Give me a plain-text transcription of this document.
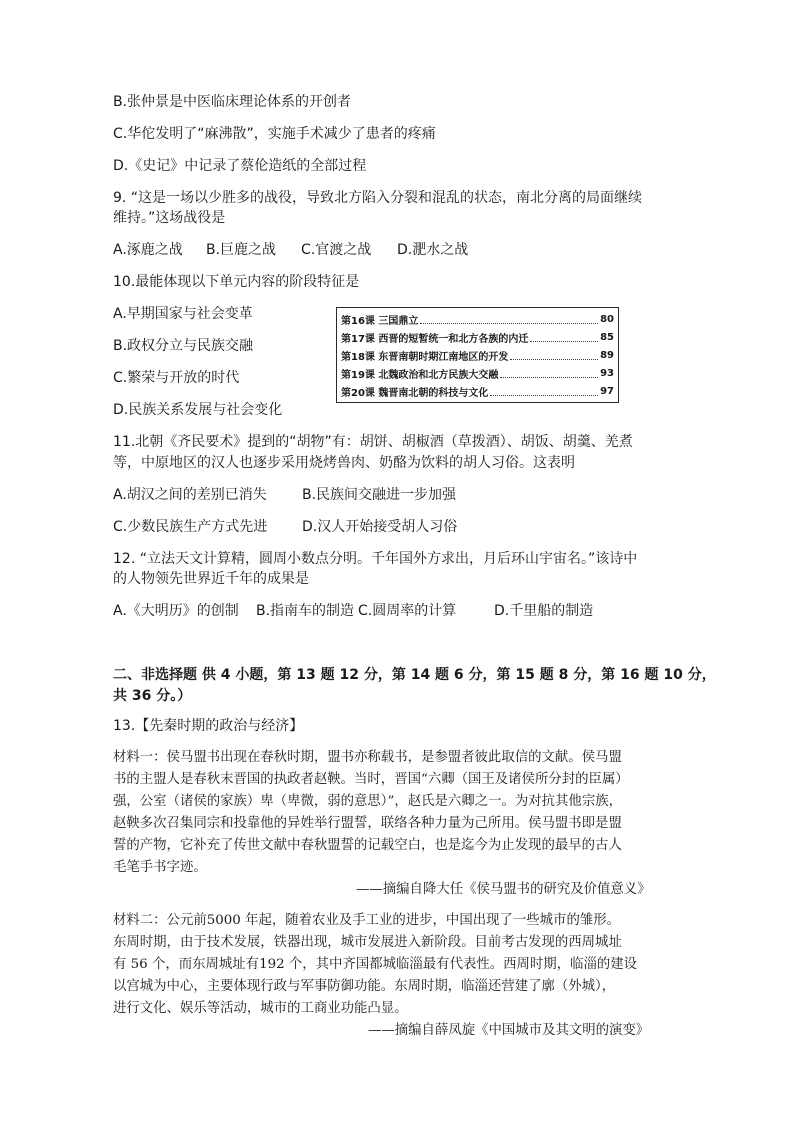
B.张仲景是中医临床理论体系的开创者
C.华佗发明了“麻沸散”，实施手术减少了患者的疼痛
D.《史记》中记录了蔡伦造纸的全部过程
9. “这是一场以少胜多的战役，导致北方陷入分裂和混乱的状态，南北分离的局面继续
维持。”这场战役是
A.涿鹿之战 B.巨鹿之战 C.官渡之战 D.淝水之战
10.最能体现以下单元内容的阶段特征是
A.早期国家与社会变革
B.政权分立与民族交融
C.繁荣与开放的时代
D.民族关系发展与社会变化
第16课 三国鼎立	80
第17课 西晋的短暂统一和北方各族的内迁	85
第18课 东晋南朝时期江南地区的开发	89
第19课 北魏政治和北方民族大交融	93
第20课 魏晋南北朝的科技与文化	97
11.北朝《齐民要术》提到的“胡物”有：胡饼、胡椒酒（草拨酒）、胡饭、胡羹、羌煮
等，中原地区的汉人也逐步采用烧烤兽肉、奶酪为饮料的胡人习俗。这表明
A.胡汉之间的差别已消失	B.民族间交融进一步加强
C.少数民族生产方式先进 D.汉人开始接受胡人习俗
12. “立法天文计算精，圆周小数点分明。千年国外方求出，月后环山宇宙名。”该诗中
的人物领先世界近千年的成果是
A.《大明历》的创制 B.指南车的制造 C.圆周率的计算	D.千里船的制造
二、非选择题 供 4 小题，第 13 题 12 分，第 14 题 6 分，第 15 题 8 分，第 16 题 10 分，
共 36 分。）
13.【先秦时期的政治与经济】
材料一：侯马盟书出现在春秋时期，盟书亦称载书，是参盟者彼此取信的文献。侯马盟
书的主盟人是春秋末晋国的执政者赵鞅。当时，晋国“六卿（国王及诸侯所分封的臣属）
强，公室（诸侯的家族）卑（卑微，弱的意思）”，赵氏是六卿之一。为对抗其他宗族，
赵鞅多次召集同宗和投靠他的异姓举行盟誓，联络各种力量为己所用。侯马盟书即是盟
誓的产物，它补充了传世文献中春秋盟誓的记载空白，也是迄今为止发现的最早的古人
毛笔手书字迹。
——摘编自降大任《侯马盟书的研究及价值意义》
材料二：公元前5000 年起，随着农业及手工业的进步，中国出现了一些城市的雏形。
东周时期，由于技术发展，铁器出现，城市发展进入新阶段。目前考古发现的西周城址
有 56 个，而东周城址有192 个，其中齐国都城临淄最有代表性。西周时期，临淄的建设
以宫城为中心，主要体现行政与军事防御功能。东周时期，临淄还营建了廓（外城），
进行文化、娱乐等活动，城市的工商业功能凸显。
——摘编自薛凤旋《中国城市及其文明的演变》
